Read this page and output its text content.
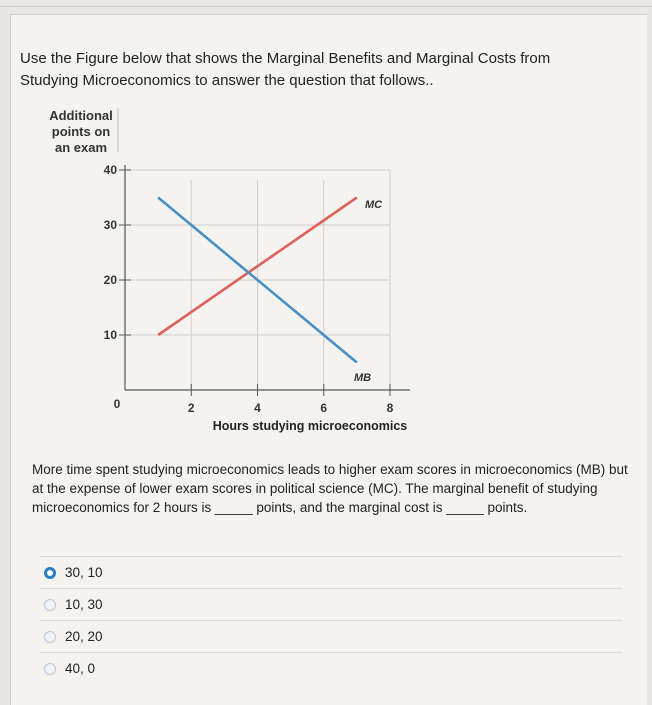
Use the Figure below that shows the Marginal Benefits and Marginal Costs from Studying Microeconomics to answer the question that follows..
Additional
points on
an exam
MC
MB
0
10
20
30
40
2	4	6	8
Hours studying microeconomics
More time spent studying microeconomics leads to higher exam scores in microeconomics (MB) but at the expense of lower exam scores in political science (MC). The marginal benefit of studying microeconomics for 2 hours is _____ points, and the marginal cost is _____ points.
30, 10
10, 30
20, 20
40, 0
